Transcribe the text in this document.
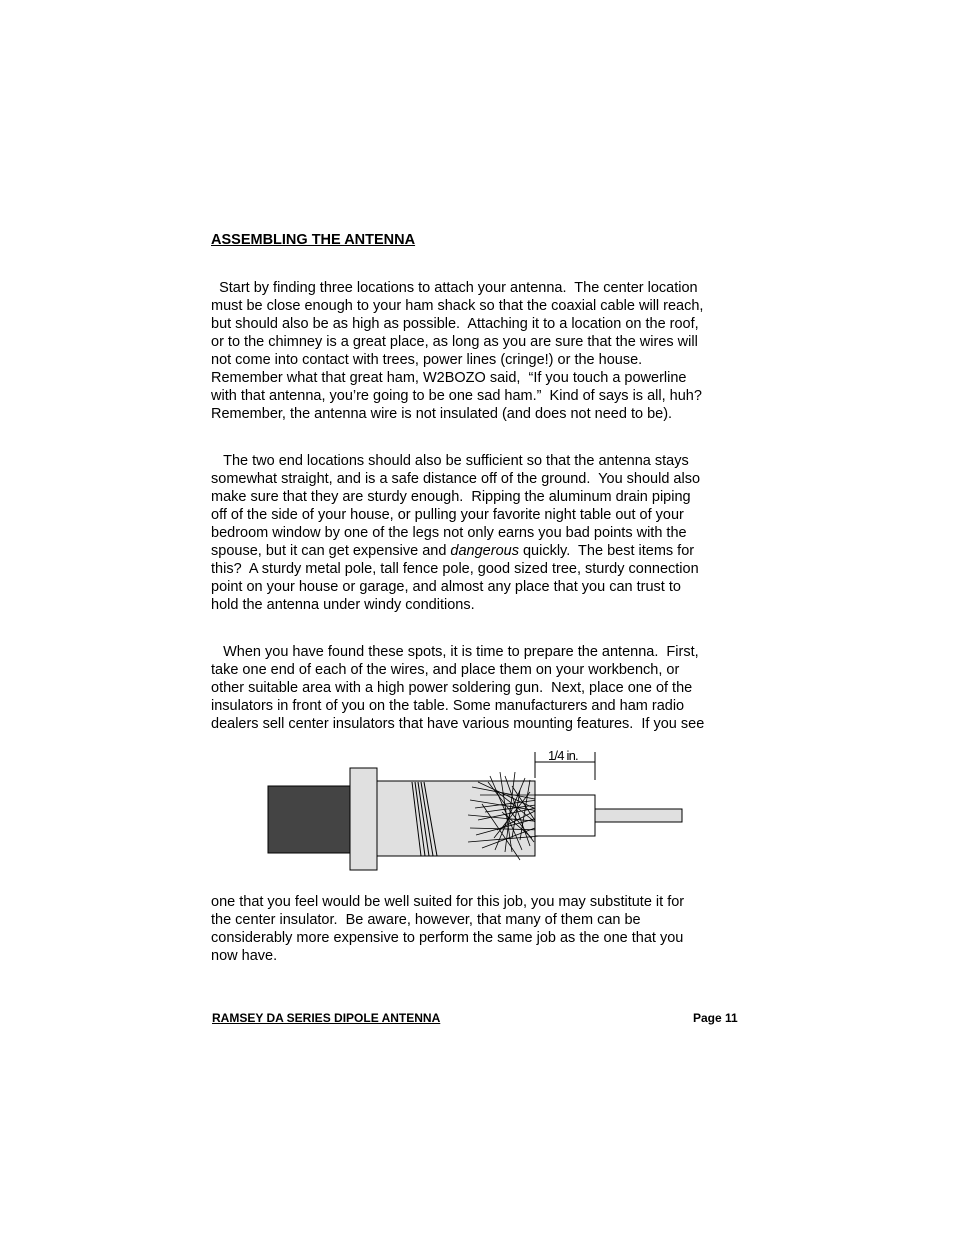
ASSEMBLING THE ANTENNA

Start by finding three locations to attach your antenna.  The center location
must be close enough to your ham shack so that the coaxial cable will reach,
but should also be as high as possible.  Attaching it to a location on the roof,
or to the chimney is a great place, as long as you are sure that the wires will
not come into contact with trees, power lines (cringe!) or the house.
Remember what that great ham, W2BOZO said,  “If you touch a powerline
with that antenna, you’re going to be one sad ham.”  Kind of says is all, huh?
Remember, the antenna wire is not insulated (and does not need to be).

The two end locations should also be sufficient so that the antenna stays
somewhat straight, and is a safe distance off of the ground.  You should also
make sure that they are sturdy enough.  Ripping the aluminum drain piping
off of the side of your house, or pulling your favorite night table out of your
bedroom window by one of the legs not only earns you bad points with the
spouse, but it can get expensive and dangerous quickly.  The best items for
this?  A sturdy metal pole, tall fence pole, good sized tree, sturdy connection
point on your house or garage, and almost any place that you can trust to
hold the antenna under windy conditions.

When you have found these spots, it is time to prepare the antenna.  First,
take one end of each of the wires, and place them on your workbench, or
other suitable area with a high power soldering gun.  Next, place one of the
insulators in front of you on the table. Some manufacturers and ham radio
dealers sell center insulators that have various mounting features.  If you see

1/4 in.

one that you feel would be well suited for this job, you may substitute it for
the center insulator.  Be aware, however, that many of them can be
considerably more expensive to perform the same job as the one that you
now have.

RAMSEY DA SERIES DIPOLE ANTENNA	Page 11
